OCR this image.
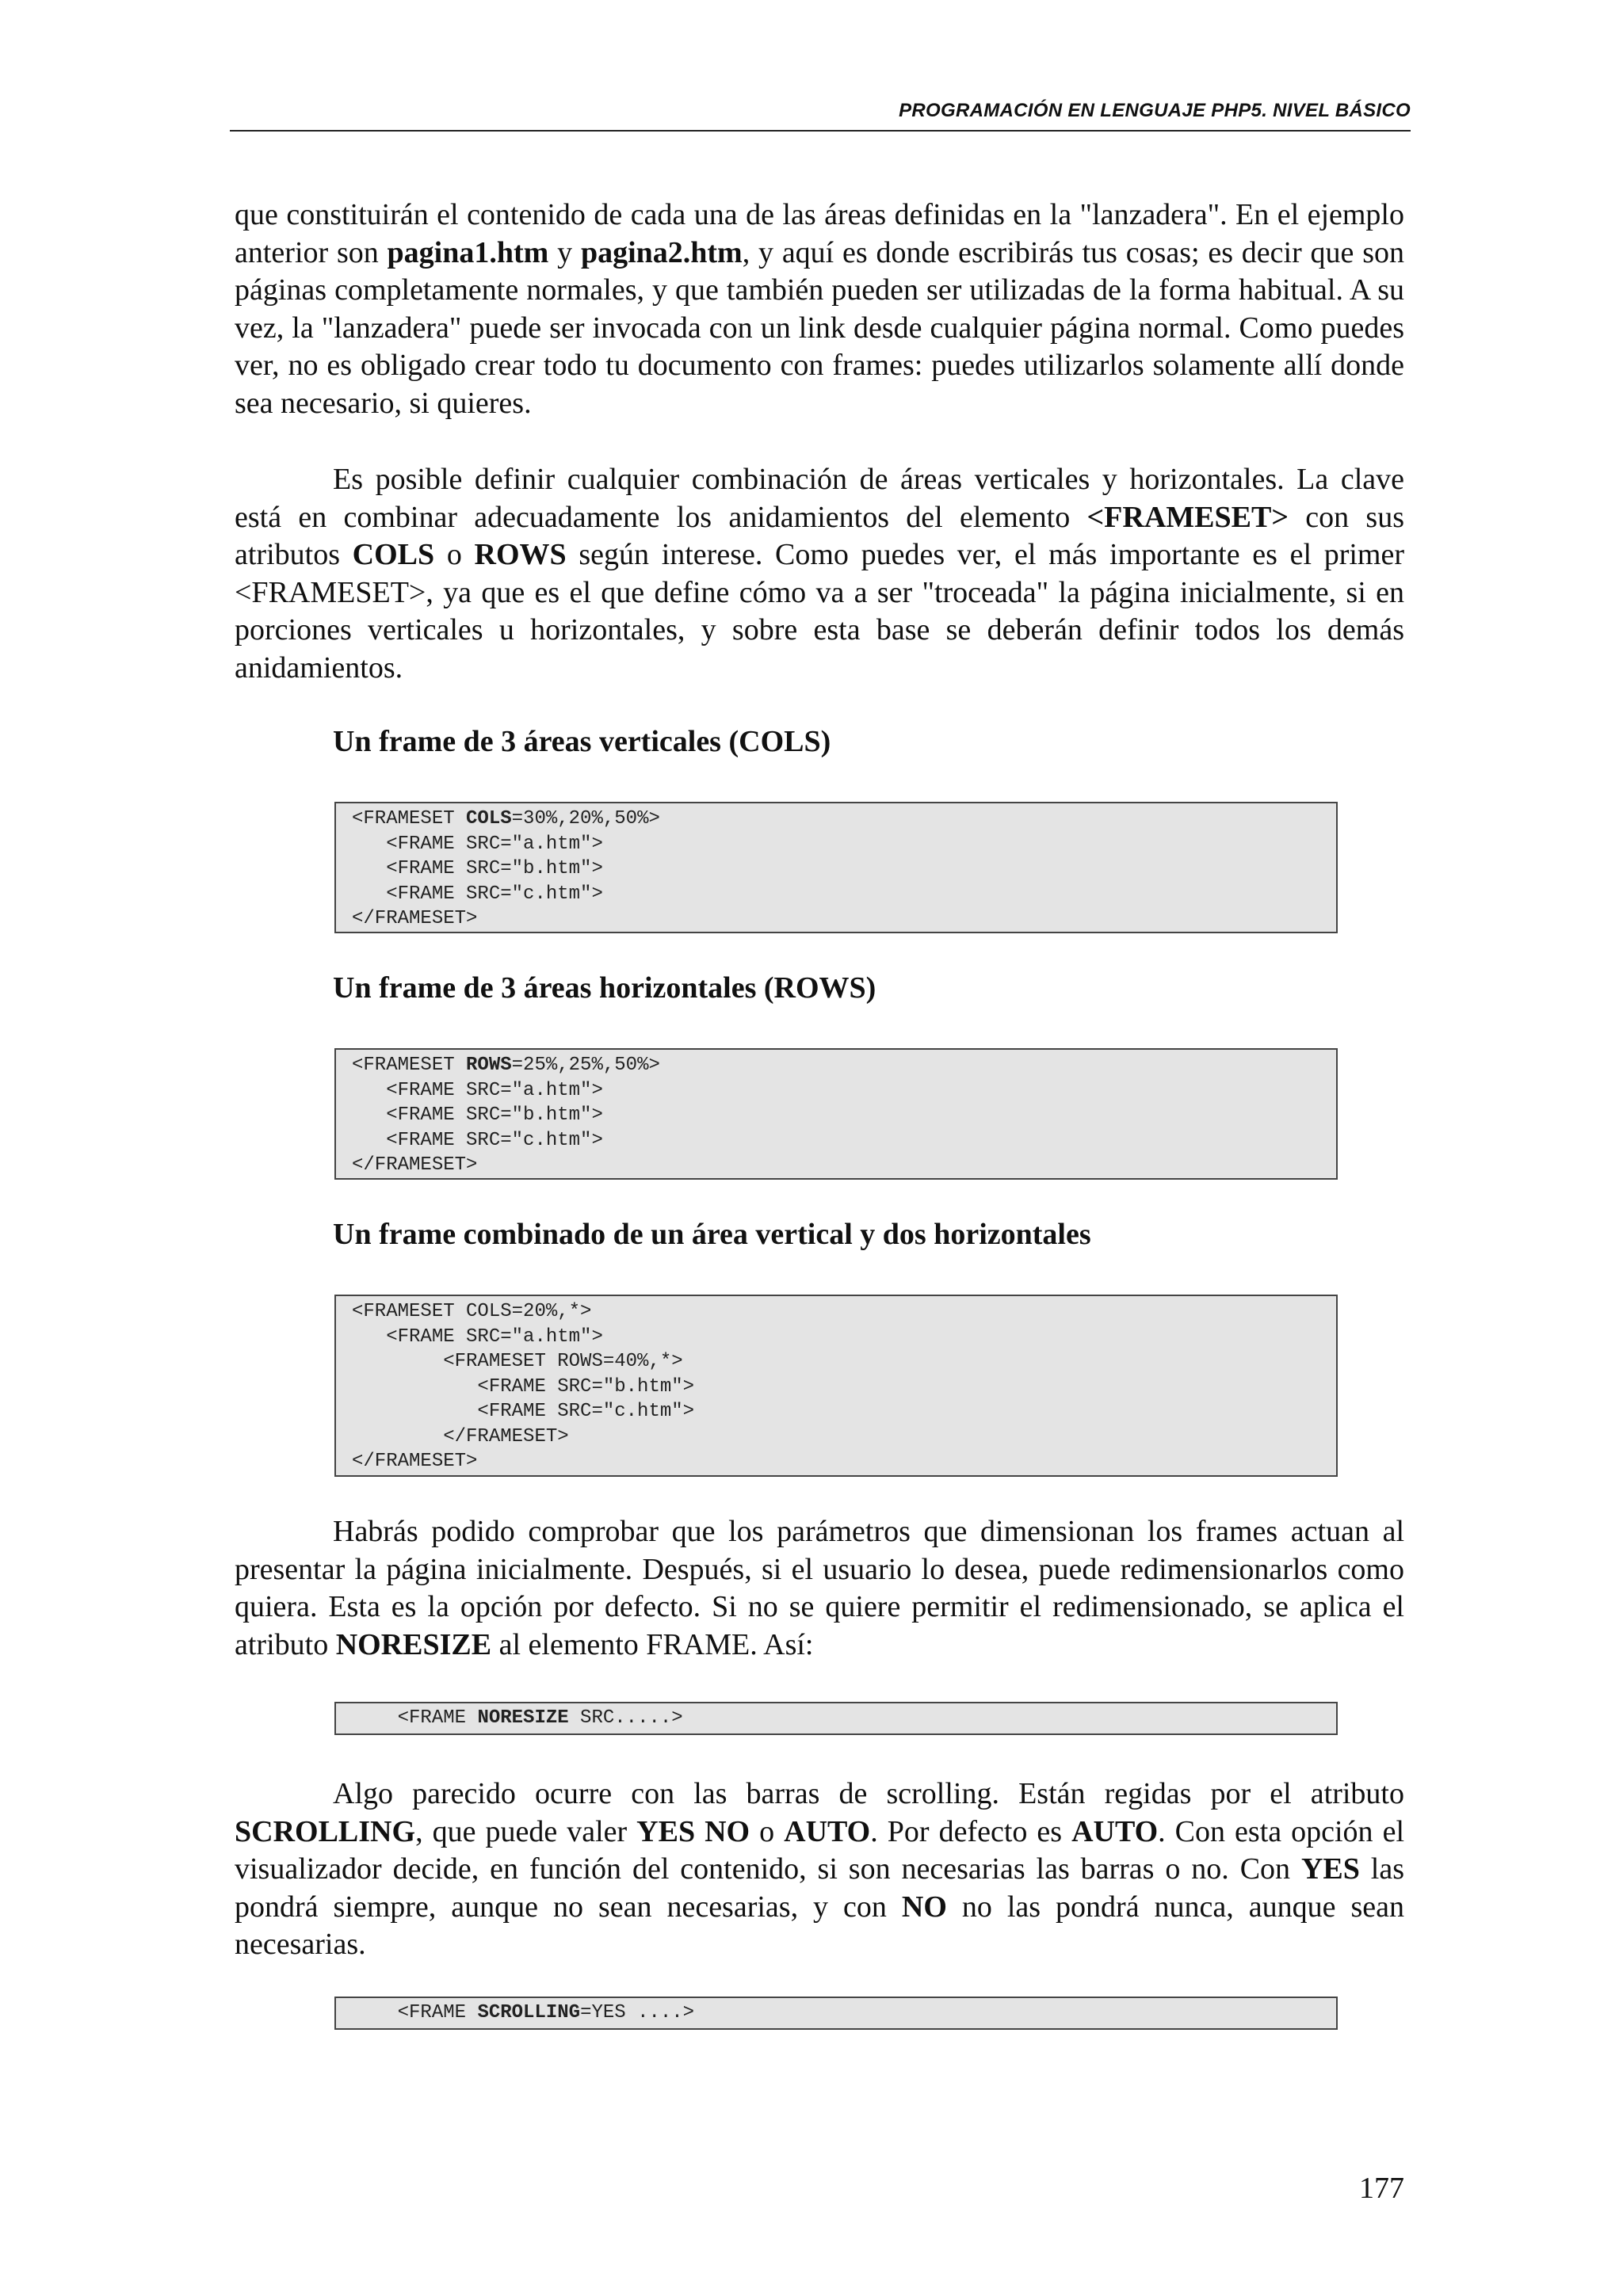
PROGRAMACIÓN EN LENGUAJE PHP5. NIVEL BÁSICO

que constituirán el contenido de cada una de las áreas definidas en la "lanzadera". En el ejemplo anterior son pagina1.htm y pagina2.htm, y aquí es donde escribirás tus cosas; es decir que son páginas completamente normales, y que también pueden ser utilizadas de la forma habitual. A su vez, la "lanzadera" puede ser invocada con un link desde cualquier página normal. Como puedes ver, no es obligado crear todo tu documento con frames: puedes utilizarlos solamente allí donde sea necesario, si quieres.

Es posible definir cualquier combinación de áreas verticales y horizontales. La clave está en combinar adecuadamente los anidamientos del elemento <FRAMESET> con sus atributos COLS o ROWS según interese. Como puedes ver, el más importante es el primer <FRAMESET>, ya que es el que define cómo va a ser "troceada" la página inicialmente, si en porciones verticales u horizontales, y sobre esta base se deberán definir todos los demás anidamientos.

Un frame de 3 áreas verticales (COLS)

<FRAMESET COLS=30%,20%,50%>
<FRAME SRC="a.htm">
<FRAME SRC="b.htm">
<FRAME SRC="c.htm">
</FRAMESET>

Un frame de 3 áreas horizontales (ROWS)

<FRAMESET ROWS=25%,25%,50%>
<FRAME SRC="a.htm">
<FRAME SRC="b.htm">
<FRAME SRC="c.htm">
</FRAMESET>

Un frame combinado de un área vertical y dos horizontales

<FRAMESET COLS=20%,*>
<FRAME SRC="a.htm">
<FRAMESET ROWS=40%,*>
<FRAME SRC="b.htm">
<FRAME SRC="c.htm">
</FRAMESET>
</FRAMESET>

Habrás podido comprobar que los parámetros que dimensionan los frames actuan al presentar la página inicialmente. Después, si el usuario lo desea, puede redimensionarlos como quiera. Esta es la opción por defecto. Si no se quiere permitir el redimensionado, se aplica el atributo NORESIZE al elemento FRAME. Así:

<FRAME NORESIZE SRC.....>

Algo parecido ocurre con las barras de scrolling. Están regidas por el atributo SCROLLING, que puede valer YES NO o AUTO. Por defecto es AUTO. Con esta opción el visualizador decide, en función del contenido, si son necesarias las barras o no. Con YES las pondrá siempre, aunque no sean necesarias, y con NO no las pondrá nunca, aunque sean necesarias.

<FRAME SCROLLING=YES ....>
177
